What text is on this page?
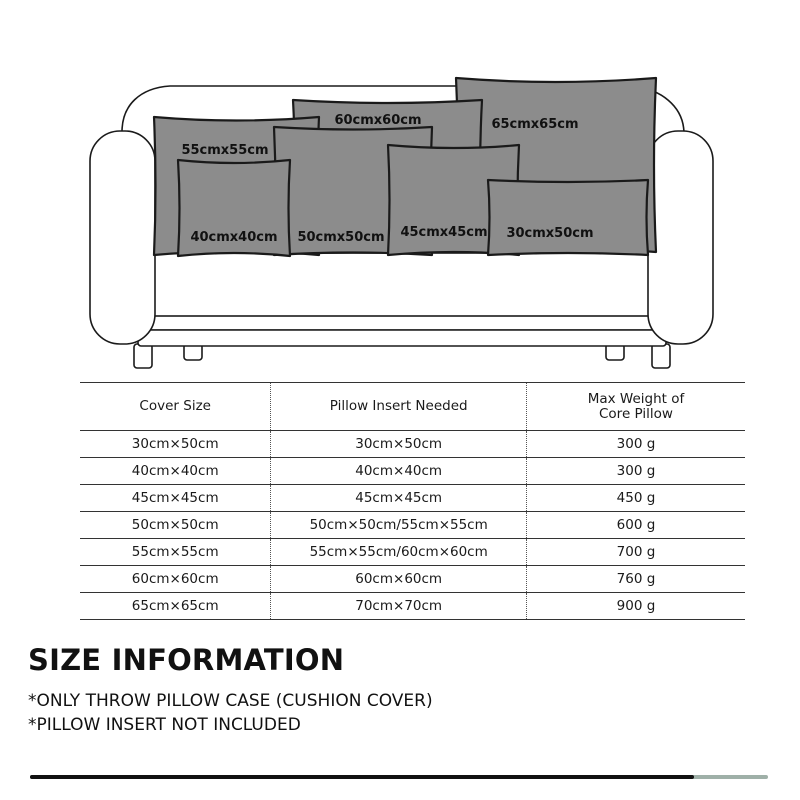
65cmx65cm
60cmx60cm
55cmx55cm
40cmx40cm 50cmx50cm 45cmx45cm 30cmx50cm
Cover Size	Pillow Insert Needed	Max Weight of
Core Pillow

30cm×50cm	30cm×50cm	300 g
40cm×40cm	40cm×40cm	300 g
45cm×45cm	45cm×45cm	450 g
50cm×50cm	50cm×50cm/55cm×55cm	600 g
55cm×55cm	55cm×55cm/60cm×60cm	700 g
60cm×60cm	60cm×60cm	760 g
65cm×65cm	70cm×70cm	900 g
SIZE INFORMATION

*ONLY THROW PILLOW CASE (CUSHION COVER)

*PILLOW INSERT NOT INCLUDED
